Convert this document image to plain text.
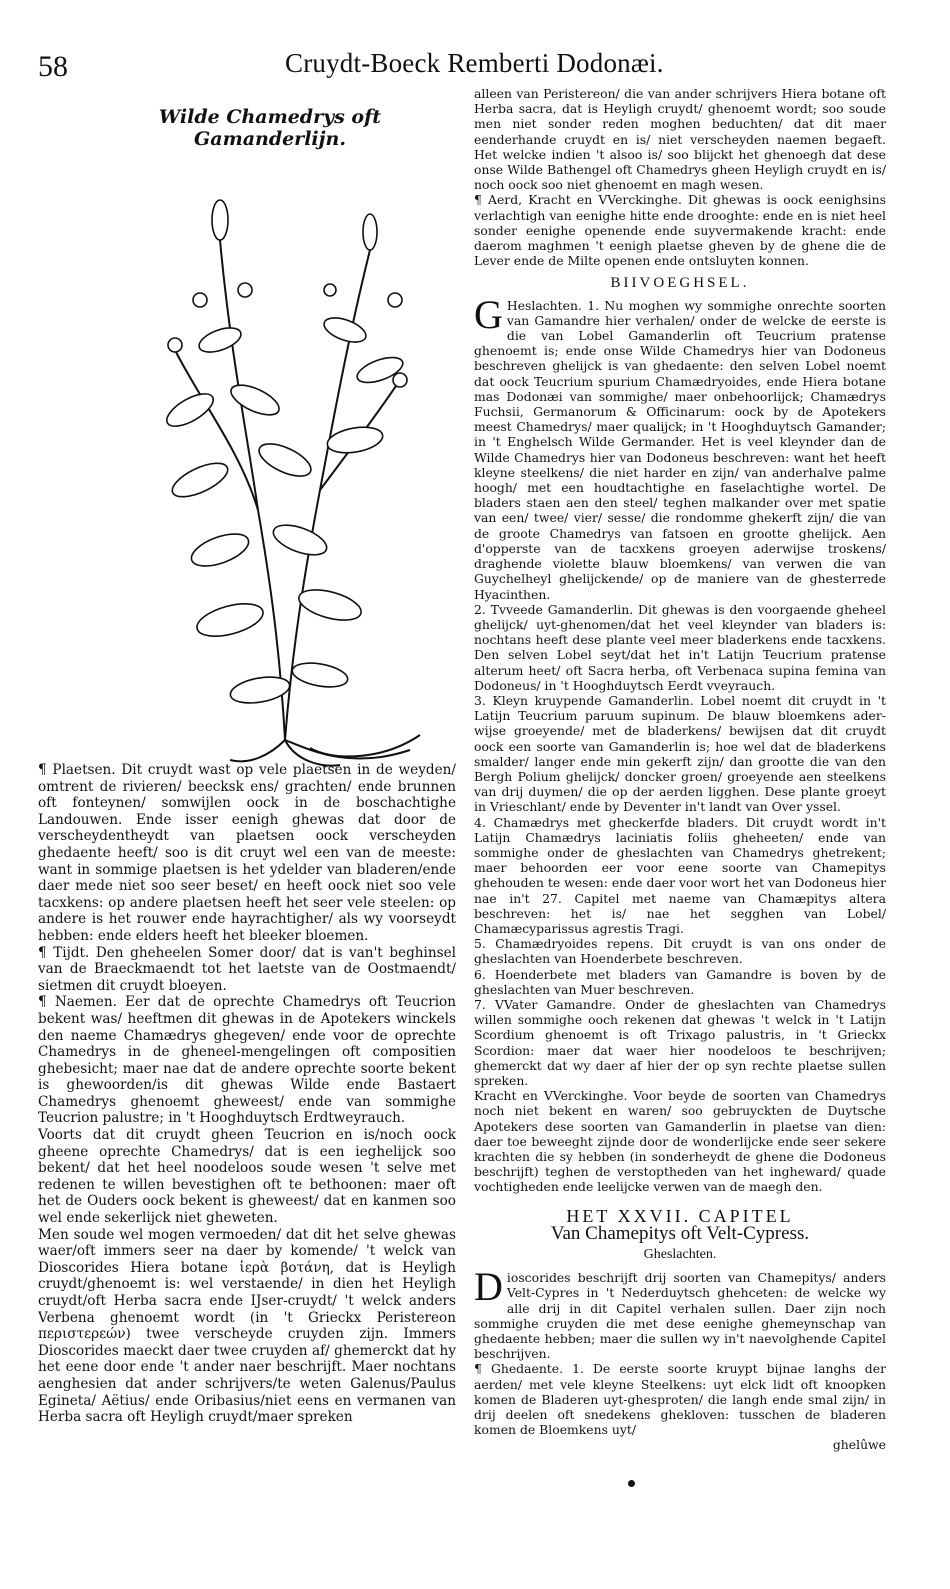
58	Cruydt-Boeck Remberti Dodonæi.
Wilde Chamedrys oft Gamanderlijn.

¶ Plaetsen. Dit cruydt wast op vele plaetsen in de weyden/ omtrent de rivieren/ beecksk ens/ grachten/ ende brunnen oft fonteynen/ somwijlen oock in de boschachtighe Landouwen. Ende isser eenigh ghewas dat door de verscheydentheydt van plaetsen oock verscheyden ghedaente heeft/ soo is dit cruyt wel een van de meeste: want in sommige plaetsen is het ydelder van bladeren/ende daer mede niet soo seer beset/ en heeft oock niet soo vele tacxkens: op andere plaetsen heeft het seer vele steelen: op andere is het rouwer ende hayrachtigher/ als wy voorseydt hebben: ende elders heeft het bleeker bloemen.

¶ Tijdt. Den gheheelen Somer door/ dat is van't beghinsel van de Braeckmaendt tot het laetste van de Oostmaendt/ sietmen dit cruydt bloeyen.

¶ Naemen. Eer dat de oprechte Chamedrys oft Teucrion bekent was/ heeftmen dit ghewas in de Apotekers winckels den naeme Chamædrys ghegeven/ ende voor de oprechte Chamedrys in de gheneel-mengelingen oft compositien ghebesicht; maer nae dat de andere oprechte soorte bekent is ghewoorden/is dit ghewas Wilde ende Bastaert Chamedrys ghenoemt gheweest/ ende van sommighe Teucrion palustre; in 't Hooghduytsch Erdtweyrauch.

Voorts dat dit cruydt gheen Teucrion en is/noch oock gheene oprechte Chamedrys/ dat is een ieghelijck soo bekent/ dat het heel noodeloos soude wesen 't selve met redenen te willen bevestighen oft te bethoonen: maer oft het de Ouders oock bekent is gheweest/ dat en kanmen soo wel ende sekerlijck niet gheweten.

Men soude wel mogen vermoeden/ dat dit het selve ghewas waer/oft immers seer na daer by komende/ 't welck van Dioscorides Hiera botane ἱερὰ βοτάνη, dat is Heyligh cruydt/ghenoemt is: wel verstaende/ in dien het Heyligh cruydt/oft Herba sacra ende IJser-cruydt/ 't welck anders Verbena ghenoemt wordt (in 't Grieckx Peristereon περιστερεών) twee verscheyde cruyden zijn. Immers Dioscorides maeckt daer twee cruyden af/ ghemerckt dat hy het eene door ende 't ander naer beschrijft. Maer nochtans aenghesien dat ander schrijvers/te weten Galenus/Paulus Egineta/ Aëtius/ ende Oribasius/niet eens en vermanen van Herba sacra oft Heyligh cruydt/maer spreken

alleen van Peristereon/ die van ander schrijvers Hiera botane oft Herba sacra, dat is Heyligh cruydt/ ghenoemt wordt; soo soude men niet sonder reden moghen beduchten/ dat dit maer eenderhande cruydt en is/ niet verscheyden naemen begaeft. Het welcke indien 't alsoo is/ soo blijckt het ghenoegh dat dese onse Wilde Bathengel oft Chamedrys gheen Heyligh cruydt en is/ noch oock soo niet ghenoemt en magh wesen.

¶ Aerd, Kracht en VVerckinghe. Dit ghewas is oock eenighsins verlachtigh van eenighe hitte ende drooghte: ende en is niet heel sonder eenighe openende ende suyvermakende kracht: ende daerom maghmen 't eenigh plaetse gheven by de ghene die de Lever ende de Milte openen ende ontsluyten konnen.

BIIVOEGHSEL.

GHeslachten. 1. Nu moghen wy sommighe onrechte soorten van Gamandre hier verhalen/ onder de welcke de eerste is die van Lobel Gamanderlin oft Teucrium pratense ghenoemt is; ende onse Wilde Chamedrys hier van Dodoneus beschreven ghelijck is van ghedaente: den selven Lobel noemt dat oock Teucrium spurium Chamædryoides, ende Hiera botane mas Dodonæi van sommighe/ maer onbehoorlijck; Chamædrys Fuchsii, Germanorum & Officinarum: oock by de Apotekers meest Chamedrys/ maer qualijck; in 't Hooghduytsch Gamander; in 't Enghelsch Wilde Germander. Het is veel kleynder dan de Wilde Chamedrys hier van Dodoneus beschreven: want het heeft kleyne steelkens/ die niet harder en zijn/ van anderhalve palme hoogh/ met een houdtachtighe en faselachtighe wortel. De bladers staen aen den steel/ teghen malkander over met spatie van een/ twee/ vier/ sesse/ die rondomme ghekerft zijn/ die van de groote Chamedrys van fatsoen en grootte ghelijck. Aen d'opperste van de tacxkens groeyen aderwijse troskens/ draghende violette blauw bloemkens/ van verwen die van Guychelheyl ghelijckende/ op de maniere van de ghesterrede Hyacinthen.

2. Tvveede Gamanderlin. Dit ghewas is den voorgaende gheheel ghelijck/ uyt-ghenomen/dat het veel kleynder van bladers is: nochtans heeft dese plante veel meer bladerkens ende tacxkens. Den selven Lobel seyt/dat het in't Latijn Teucrium pratense alterum heet/ oft Sacra herba, oft Verbenaca supina femina van Dodoneus/ in 't Hooghduytsch Eerdt vveyrauch.

3. Kleyn kruypende Gamanderlin. Lobel noemt dit cruydt in 't Latijn Teucrium paruum supinum. De blauw bloemkens ader-wijse groeyende/ met de bladerkens/ bewijsen dat dit cruydt oock een soorte van Gamanderlin is; hoe wel dat de bladerkens smalder/ langer ende min gekerft zijn/ dan grootte die van den Bergh Polium ghelijck/ doncker groen/ groeyende aen steelkens van drij duymen/ die op der aerden ligghen. Dese plante groeyt in Vrieschlant/ ende by Deventer in't landt van Over yssel.

4. Chamædrys met gheckerfde bladers. Dit cruydt wordt in't Latijn Chamædrys laciniatis foliis gheheeten/ ende van sommighe onder de gheslachten van Chamedrys ghetrekent; maer behoorden eer voor eene soorte van Chamepitys ghehouden te wesen: ende daer voor wort het van Dodoneus hier nae in't 27. Capitel met naeme van Chamæpitys altera beschreven: het is/ nae het segghen van Lobel/ Chamæcyparissus agrestis Tragi.

5. Chamædryoides repens. Dit cruydt is van ons onder de gheslachten van Hoenderbete beschreven.

6. Hoenderbete met bladers van Gamandre is boven by de gheslachten van Muer beschreven.

7. VVater Gamandre. Onder de gheslachten van Chamedrys willen sommighe ooch rekenen dat ghewas 't welck in 't Latijn Scordium ghenoemt is oft Trixago palustris, in 't Grieckx Scordion: maer dat waer hier noodeloos te beschrijven; ghemerckt dat wy daer af hier der op syn rechte plaetse sullen spreken.

Kracht en VVerckinghe. Voor beyde de soorten van Chamedrys noch niet bekent en waren/ soo gebruyckten de Duytsche Apotekers dese soorten van Gamanderlin in plaetse van dien: daer toe beweeght zijnde door de wonderlijcke ende seer sekere krachten die sy hebben (in sonderheydt de ghene die Dodoneus beschrijft) teghen de verstoptheden van het ingheward/ quade vochtigheden ende leelijcke verwen van de maegh den.

HET XXVII. CAPITEL
Van Chamepitys oft Velt-Cypress.
Gheslachten.

Dioscorides beschrijft drij soorten van Chamepitys/ anders Velt-Cypres in 't Nederduytsch ghehceten: de welcke wy alle drij in dit Capitel verhalen sullen. Daer zijn noch sommighe cruyden die met dese eenighe ghemeynschap van ghedaente hebben; maer die sullen wy in't naevolghende Capitel beschrijven.

¶ Ghedaente. 1. De eerste soorte kruypt bijnae langhs der aerden/ met vele kleyne Steelkens: uyt elck lidt oft knoopken komen de Bladeren uyt-ghesproten/ die langh ende smal zijn/ in drij deelen oft snedekens ghekloven: tusschen de bladeren komen de Bloemkens uyt/

ghelûwe
